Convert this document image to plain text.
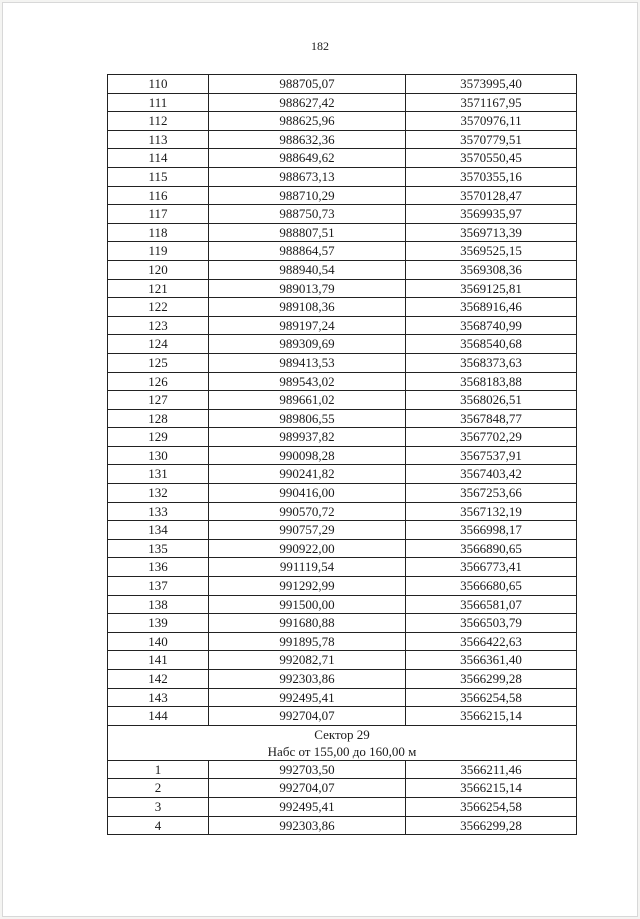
182
110	988705,07	3573995,40
111	988627,42	3571167,95
112	988625,96	3570976,11
113	988632,36	3570779,51
114	988649,62	3570550,45
115	988673,13	3570355,16
116	988710,29	3570128,47
117	988750,73	3569935,97
118	988807,51	3569713,39
119	988864,57	3569525,15
120	988940,54	3569308,36
121	989013,79	3569125,81
122	989108,36	3568916,46
123	989197,24	3568740,99
124	989309,69	3568540,68
125	989413,53	3568373,63
126	989543,02	3568183,88
127	989661,02	3568026,51
128	989806,55	3567848,77
129	989937,82	3567702,29
130	990098,28	3567537,91
131	990241,82	3567403,42
132	990416,00	3567253,66
133	990570,72	3567132,19
134	990757,29	3566998,17
135	990922,00	3566890,65
136	991119,54	3566773,41
137	991292,99	3566680,65
138	991500,00	3566581,07
139	991680,88	3566503,79
140	991895,78	3566422,63
141	992082,71	3566361,40
142	992303,86	3566299,28
143	992495,41	3566254,58
144	992704,07	3566215,14

Сектор 29
Набс от 155,00 до 160,00 м		

1	992703,50	3566211,46
2	992704,07	3566215,14
3	992495,41	3566254,58
4	992303,86	3566299,28
